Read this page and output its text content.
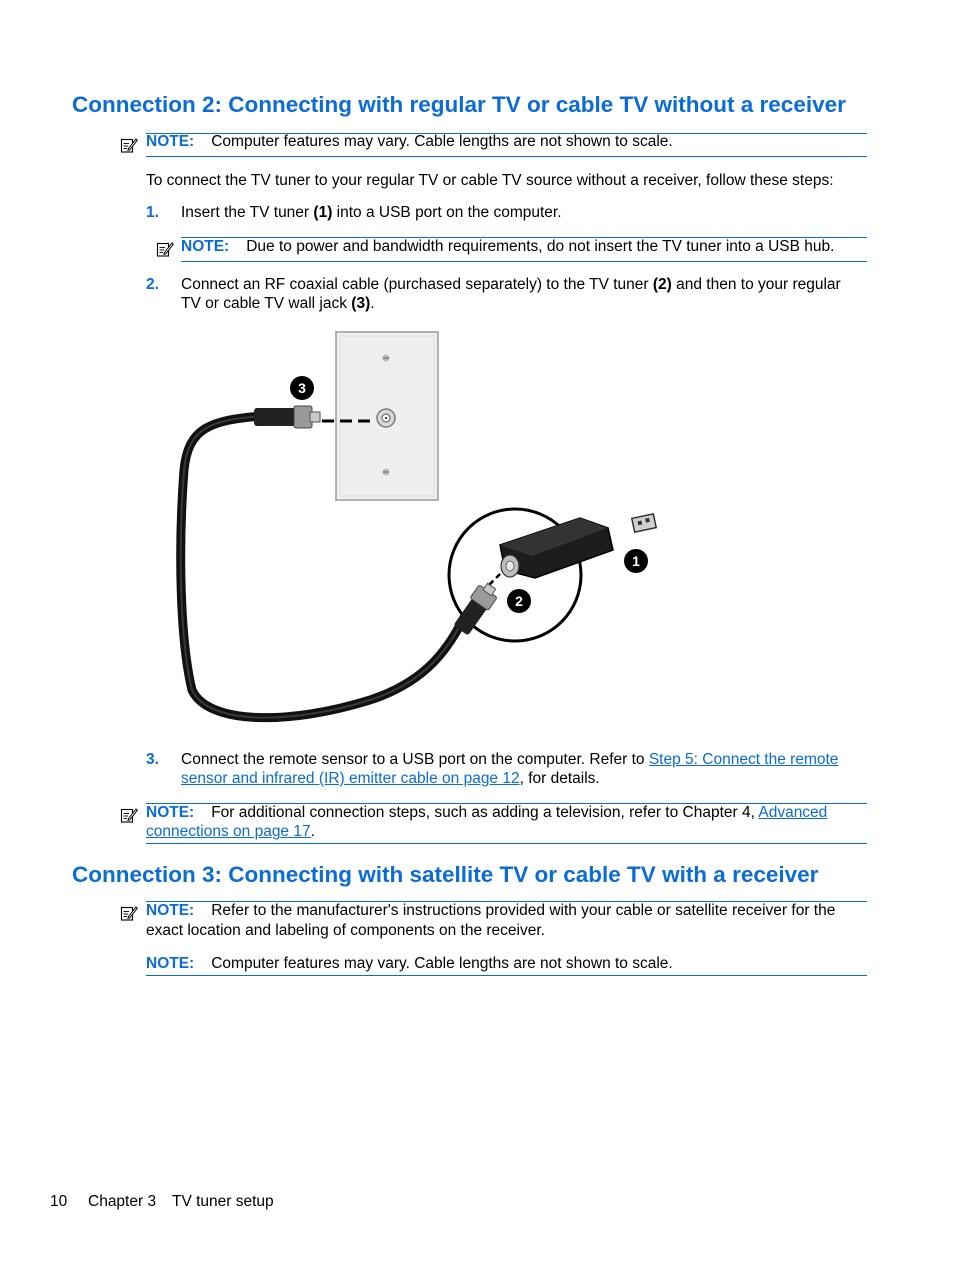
Connection 2: Connecting with regular TV or cable TV without a receiver
NOTE: Computer features may vary. Cable lengths are not shown to scale.
To connect the TV tuner to your regular TV or cable TV source without a receiver, follow these steps:
1. Insert the TV tuner (1) into a USB port on the computer.
NOTE: Due to power and bandwidth requirements, do not insert the TV tuner into a USB hub.
2. Connect an RF coaxial cable (purchased separately) to the TV tuner (2) and then to your regular
TV or cable TV wall jack (3).
3
1
2
3. Connect the remote sensor to a USB port on the computer. Refer to Step 5: Connect the remote
sensor and infrared (IR) emitter cable on page 12, for details.
NOTE: For additional connection steps, such as adding a television, refer to Chapter 4, Advanced
connections on page 17.
Connection 3: Connecting with satellite TV or cable TV with a receiver
NOTE: Refer to the manufacturer's instructions provided with your cable or satellite receiver for the
exact location and labeling of components on the receiver.
NOTE: Computer features may vary. Cable lengths are not shown to scale.
10 Chapter 3 TV tuner setup
